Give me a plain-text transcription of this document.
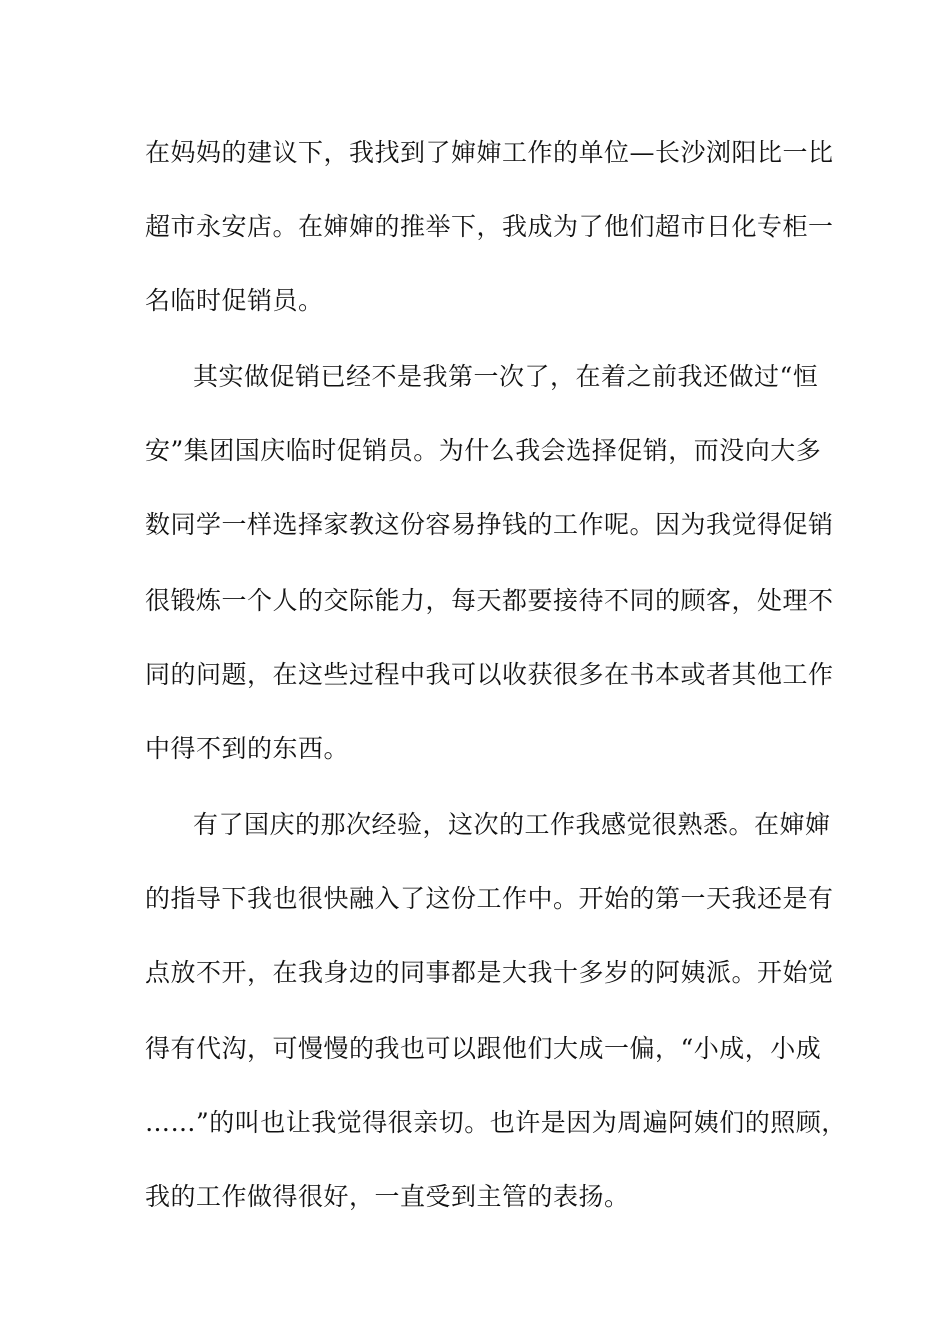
在妈妈的建议下，我找到了婶婶工作的单位—长沙浏阳比一比
超市永安店。在婶婶的推举下，我成为了他们超市日化专柜一
名临时促销员。
其实做促销已经不是我第一次了，在着之前我还做过“恒
安”集团国庆临时促销员。为什么我会选择促销，而没向大多
数同学一样选择家教这份容易挣钱的工作呢。因为我觉得促销
很锻炼一个人的交际能力，每天都要接待不同的顾客，处理不
同的问题，在这些过程中我可以收获很多在书本或者其他工作
中得不到的东西。
有了国庆的那次经验，这次的工作我感觉很熟悉。在婶婶
的指导下我也很快融入了这份工作中。开始的第一天我还是有
点放不开，在我身边的同事都是大我十多岁的阿姨派。开始觉
得有代沟，可慢慢的我也可以跟他们大成一偏，“小成，小成
……”的叫也让我觉得很亲切。也许是因为周遍阿姨们的照顾，
我的工作做得很好，一直受到主管的表扬。
